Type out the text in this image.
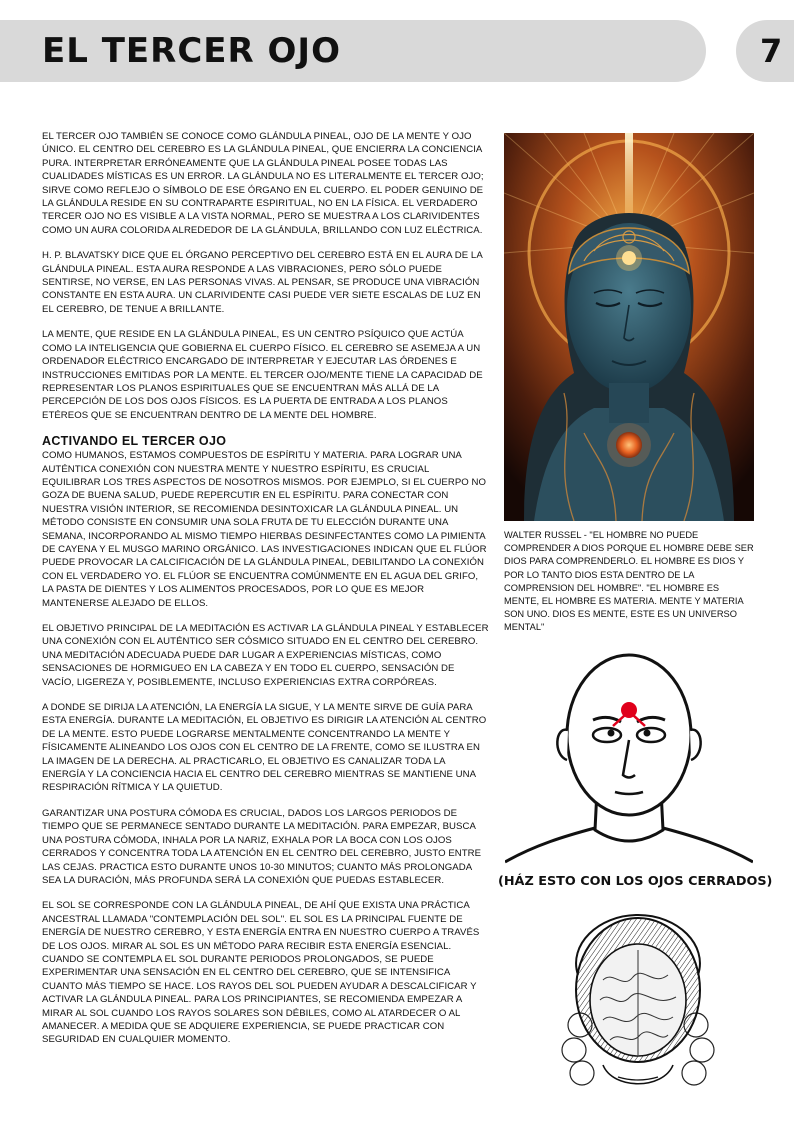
EL TERCER OJO	7

EL TERCER OJO TAMBIÉN SE CONOCE COMO GLÁNDULA PINEAL, OJO DE LA MENTE Y OJO ÚNICO. EL CENTRO DEL CEREBRO ES LA GLÁNDULA PINEAL, QUE ENCIERRA LA CONCIENCIA PURA. INTERPRETAR ERRÓNEAMENTE QUE LA GLÁNDULA PINEAL POSEE TODAS LAS CUALIDADES MÍSTICAS ES UN ERROR. LA GLÁNDULA NO ES LITERALMENTE EL TERCER OJO; SIRVE COMO REFLEJO O SÍMBOLO DE ESE ÓRGANO EN EL CUERPO. EL PODER GENUINO DE LA GLÁNDULA RESIDE EN SU CONTRAPARTE ESPIRITUAL, NO EN LA FÍSICA. EL VERDADERO TERCER OJO NO ES VISIBLE A LA VISTA NORMAL, PERO SE MUESTRA A LOS CLARIVIDENTES COMO UN AURA COLORIDA ALREDEDOR DE LA GLÁNDULA, BRILLANDO CON LUZ ELÉCTRICA.

H. P. BLAVATSKY DICE QUE EL ÓRGANO PERCEPTIVO DEL CEREBRO ESTÁ EN EL AURA DE LA GLÁNDULA PINEAL. ESTA AURA RESPONDE A LAS VIBRACIONES, PERO SÓLO PUEDE SENTIRSE, NO VERSE, EN LAS PERSONAS VIVAS. AL PENSAR, SE PRODUCE UNA VIBRACIÓN CONSTANTE EN ESTA AURA. UN CLARIVIDENTE CASI PUEDE VER SIETE ESCALAS DE LUZ EN EL CEREBRO, DE TENUE A BRILLANTE.

LA MENTE, QUE RESIDE EN LA GLÁNDULA PINEAL, ES UN CENTRO PSÍQUICO QUE ACTÚA COMO LA INTELIGENCIA QUE GOBIERNA EL CUERPO FÍSICO. EL CEREBRO SE ASEMEJA A UN ORDENADOR ELÉCTRICO ENCARGADO DE INTERPRETAR Y EJECUTAR LAS ÓRDENES E INSTRUCCIONES EMITIDAS POR LA MENTE. EL TERCER OJO/MENTE TIENE LA CAPACIDAD DE REPRESENTAR LOS PLANOS ESPIRITUALES QUE SE ENCUENTRAN MÁS ALLÁ DE LA PERCEPCIÓN DE LOS DOS OJOS FÍSICOS. ES LA PUERTA DE ENTRADA A LOS PLANOS ETÉREOS QUE SE ENCUENTRAN DENTRO DE LA MENTE DEL HOMBRE.

ACTIVANDO EL TERCER OJO

COMO HUMANOS, ESTAMOS COMPUESTOS DE ESPÍRITU Y MATERIA. PARA LOGRAR UNA AUTÉNTICA CONEXIÓN CON NUESTRA MENTE Y NUESTRO ESPÍRITU, ES CRUCIAL EQUILIBRAR LOS TRES ASPECTOS DE NOSOTROS MISMOS. POR EJEMPLO, SI EL CUERPO NO GOZA DE BUENA SALUD, PUEDE REPERCUTIR EN EL ESPÍRITU. PARA CONECTAR CON NUESTRA VISIÓN INTERIOR, SE RECOMIENDA DESINTOXICAR LA GLÁNDULA PINEAL. UN MÉTODO CONSISTE EN CONSUMIR UNA SOLA FRUTA DE TU ELECCIÓN DURANTE UNA SEMANA, INCORPORANDO AL MISMO TIEMPO HIERBAS DESINFECTANTES COMO LA PIMIENTA DE CAYENA Y EL MUSGO MARINO ORGÁNICO. LAS INVESTIGACIONES INDICAN QUE EL FLÚOR PUEDE PROVOCAR LA CALCIFICACIÓN DE LA GLÁNDULA PINEAL, DEBILITANDO LA CONEXIÓN CON EL VERDADERO YO. EL FLÚOR SE ENCUENTRA COMÚNMENTE EN EL AGUA DEL GRIFO, LA PASTA DE DIENTES Y LOS ALIMENTOS PROCESADOS, POR LO QUE ES MEJOR MANTENERSE ALEJADO DE ELLOS.

EL OBJETIVO PRINCIPAL DE LA MEDITACIÓN ES ACTIVAR LA GLÁNDULA PINEAL Y ESTABLECER UNA CONEXIÓN CON EL AUTÉNTICO SER CÓSMICO SITUADO EN EL CENTRO DEL CEREBRO. UNA MEDITACIÓN ADECUADA PUEDE DAR LUGAR A EXPERIENCIAS MÍSTICAS, COMO SENSACIONES DE HORMIGUEO EN LA CABEZA Y EN TODO EL CUERPO, SENSACIÓN DE VACÍO, LIGEREZA Y, POSIBLEMENTE, INCLUSO EXPERIENCIAS EXTRA CORPÓREAS.

A DONDE SE DIRIJA LA ATENCIÓN, LA ENERGÍA LA SIGUE, Y LA MENTE SIRVE DE GUÍA PARA ESTA ENERGÍA. DURANTE LA MEDITACIÓN, EL OBJETIVO ES DIRIGIR LA ATENCIÓN AL CENTRO DE LA MENTE. ESTO PUEDE LOGRARSE MENTALMENTE CONCENTRANDO LA MENTE Y FÍSICAMENTE ALINEANDO LOS OJOS CON EL CENTRO DE LA FRENTE, COMO SE ILUSTRA EN LA IMAGEN DE LA DERECHA. AL PRACTICARLO, EL OBJETIVO ES CANALIZAR TODA LA ENERGÍA Y LA CONCIENCIA HACIA EL CENTRO DEL CEREBRO MIENTRAS SE MANTIENE UNA RESPIRACIÓN RÍTMICA Y LA QUIETUD.

GARANTIZAR UNA POSTURA CÓMODA ES CRUCIAL, DADOS LOS LARGOS PERIODOS DE TIEMPO QUE SE PERMANECE SENTADO DURANTE LA MEDITACIÓN. PARA EMPEZAR, BUSCA UNA POSTURA CÓMODA, INHALA POR LA NARIZ, EXHALA POR LA BOCA CON LOS OJOS CERRADOS Y CONCENTRA TODA LA ATENCIÓN EN EL CENTRO DEL CEREBRO, JUSTO ENTRE LAS CEJAS. PRACTICA ESTO DURANTE UNOS 10-30 MINUTOS; CUANTO MÁS PROLONGADA SEA LA DURACIÓN, MÁS PROFUNDA SERÁ LA CONEXIÓN QUE PUEDAS ESTABLECER.

EL SOL SE CORRESPONDE CON LA GLÁNDULA PINEAL, DE AHÍ QUE EXISTA UNA PRÁCTICA ANCESTRAL LLAMADA "CONTEMPLACIÓN DEL SOL". EL SOL ES LA PRINCIPAL FUENTE DE ENERGÍA DE NUESTRO CEREBRO, Y ESTA ENERGÍA ENTRA EN NUESTRO CUERPO A TRAVÉS DE LOS OJOS. MIRAR AL SOL ES UN MÉTODO PARA RECIBIR ESTA ENERGÍA ESENCIAL. CUANDO SE CONTEMPLA EL SOL DURANTE PERIODOS PROLONGADOS, SE PUEDE EXPERIMENTAR UNA SENSACIÓN EN EL CENTRO DEL CEREBRO, QUE SE INTENSIFICA CUANTO MÁS TIEMPO SE HACE. LOS RAYOS DEL SOL PUEDEN AYUDAR A DESCALCIFICAR Y ACTIVAR LA GLÁNDULA PINEAL. PARA LOS PRINCIPIANTES, SE RECOMIENDA EMPEZAR A MIRAR AL SOL CUANDO LOS RAYOS SOLARES SON DÉBILES, COMO AL ATARDECER O AL AMANECER. A MEDIDA QUE SE ADQUIERE EXPERIENCIA, SE PUEDE PRACTICAR CON SEGURIDAD EN CUALQUIER MOMENTO.

WALTER RUSSEL - "EL HOMBRE NO PUEDE COMPRENDER A DIOS PORQUE EL HOMBRE DEBE SER DIOS PARA COMPRENDERLO. EL HOMBRE ES DIOS Y POR LO TANTO DIOS ESTA DENTRO DE LA COMPRENSION DEL HOMBRE". "EL HOMBRE ES MENTE, EL HOMBRE ES MATERIA. MENTE Y MATERIA SON UNO. DIOS ES MENTE, ESTE ES UN UNIVERSO MENTAL"
(HÁZ ESTO CON LOS OJOS CERRADOS)
